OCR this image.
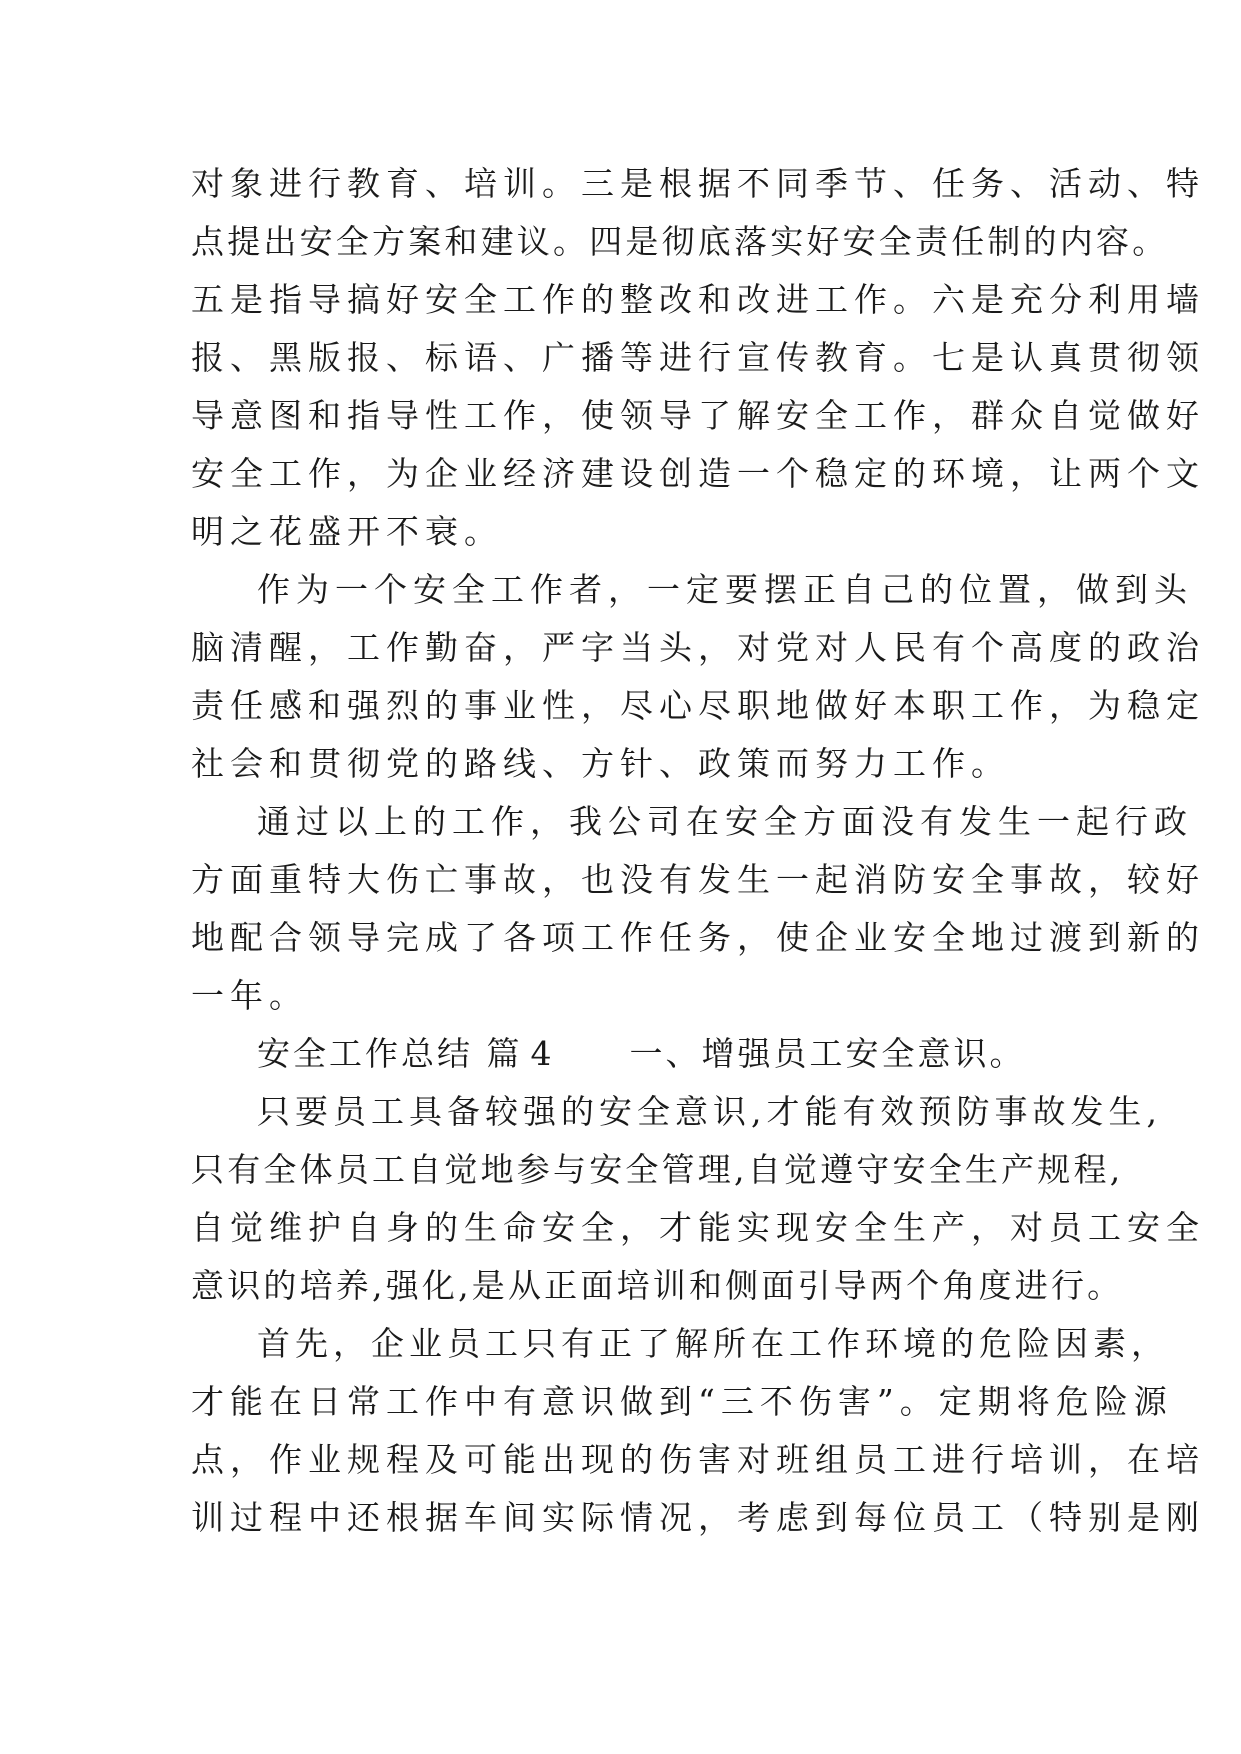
对象进行教育、培训。三是根据不同季节、任务、活动、特
点提出安全方案和建议。四是彻底落实好安全责任制的内容。
五是指导搞好安全工作的整改和改进工作。六是充分利用墙
报、黑版报、标语、广播等进行宣传教育。七是认真贯彻领
导意图和指导性工作，使领导了解安全工作，群众自觉做好
安全工作，为企业经济建设创造一个稳定的环境，让两个文
明之花盛开不衰。
作为一个安全工作者，一定要摆正自己的位置，做到头
脑清醒，工作勤奋，严字当头，对党对人民有个高度的政治
责任感和强烈的事业性，尽心尽职地做好本职工作，为稳定
社会和贯彻党的路线、方针、政策而努力工作。
通过以上的工作，我公司在安全方面没有发生一起行政
方面重特大伤亡事故，也没有发生一起消防安全事故，较好
地配合领导完成了各项工作任务，使企业安全地过渡到新的
一年。
安全工作总结 篇 4 一、增强员工安全意识。
只要员工具备较强的安全意识,才能有效预防事故发生,
只有全体员工自觉地参与安全管理,自觉遵守安全生产规程,
自觉维护自身的生命安全，才能实现安全生产，对员工安全
意识的培养,强化,是从正面培训和侧面引导两个角度进行。
首先，企业员工只有正了解所在工作环境的危险因素，
才能在日常工作中有意识做到“三不伤害”。定期将危险源
点，作业规程及可能出现的伤害对班组员工进行培训，在培
训过程中还根据车间实际情况，考虑到每位员工（特别是刚
